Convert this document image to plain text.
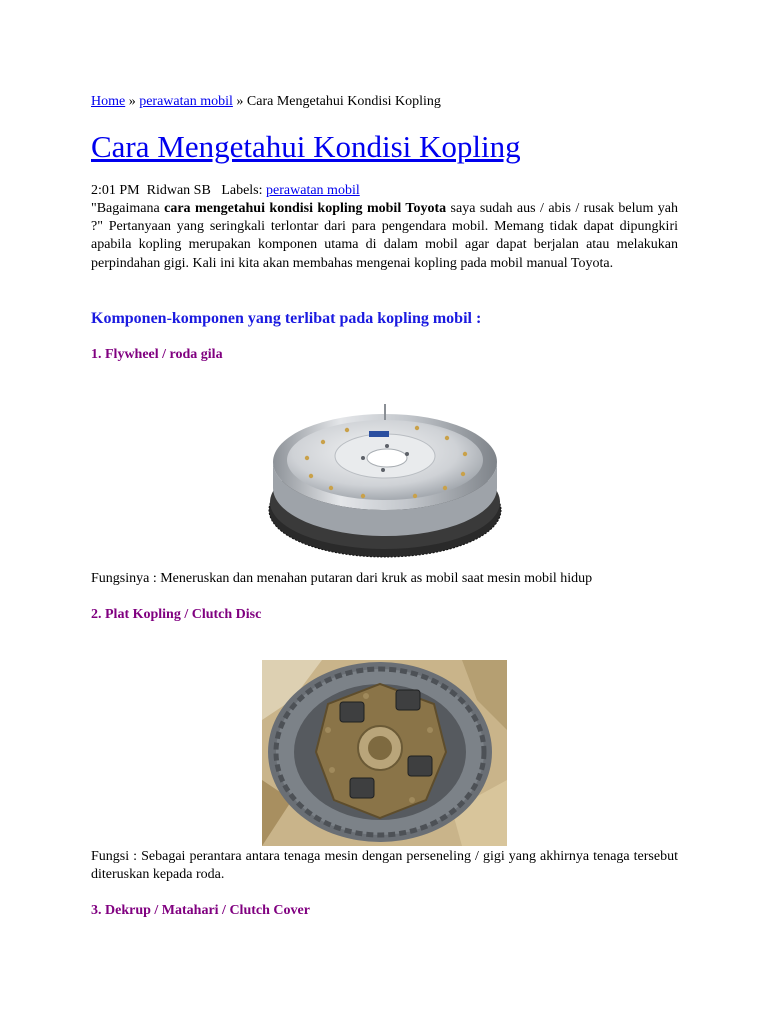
Home » perawatan mobil » Cara Mengetahui Kondisi Kopling
Cara Mengetahui Kondisi Kopling
2:01 PM Ridwan SB Labels: perawatan mobil

"Bagaimana cara mengetahui kondisi kopling mobil Toyota saya sudah aus / abis / rusak belum yah ?" Pertanyaan yang seringkali terlontar dari para pengendara mobil. Memang tidak dapat dipungkiri apabila kopling merupakan komponen utama di dalam mobil agar dapat berjalan atau melakukan perpindahan gigi. Kali ini kita akan membahas mengenai kopling pada mobil manual Toyota.

Komponen-komponen yang terlibat pada kopling mobil :
1. Flywheel / roda gila

Fungsinya : Meneruskan dan menahan putaran dari kruk as mobil saat mesin mobil hidup

2. Plat Kopling / Clutch Disc

Fungsi : Sebagai perantara antara tenaga mesin dengan perseneling / gigi yang akhirnya tenaga tersebut diteruskan kepada roda.

3. Dekrup / Matahari / Clutch Cover
